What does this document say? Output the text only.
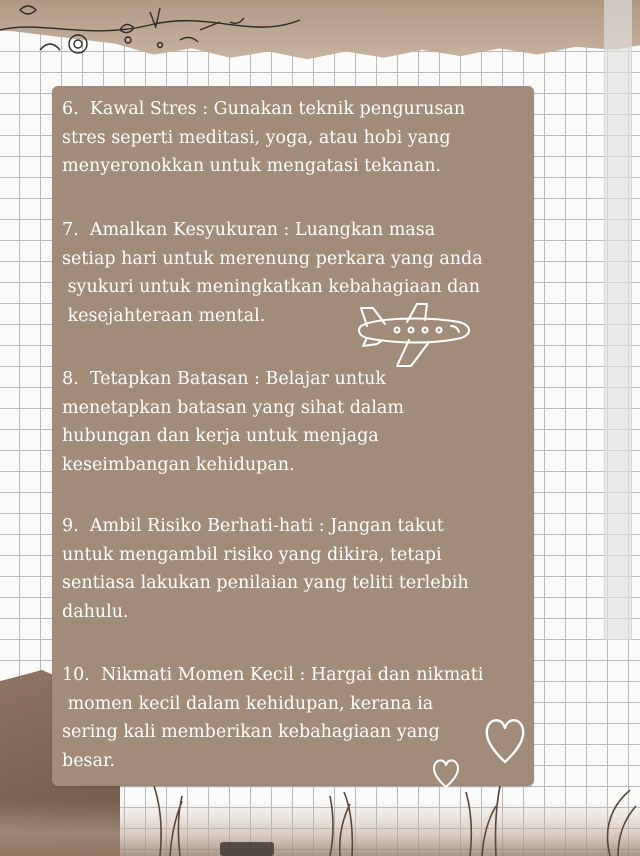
6.  Kawal Stres : Gunakan teknik pengurusan
stres seperti meditasi, yoga, atau hobi yang
menyeronokkan untuk mengatasi tekanan.

7.  Amalkan Kesyukuran : Luangkan masa
setiap hari untuk merenung perkara yang anda
syukuri untuk meningkatkan kebahagiaan dan
kesejahteraan mental.

8.  Tetapkan Batasan : Belajar untuk
menetapkan batasan yang sihat dalam
hubungan dan kerja untuk menjaga
keseimbangan kehidupan.

9.  Ambil Risiko Berhati-hati : Jangan takut
untuk mengambil risiko yang dikira, tetapi
sentiasa lakukan penilaian yang teliti terlebih
dahulu.

10.  Nikmati Momen Kecil : Hargai dan nikmati
momen kecil dalam kehidupan, kerana ia
sering kali memberikan kebahagiaan yang
besar.
